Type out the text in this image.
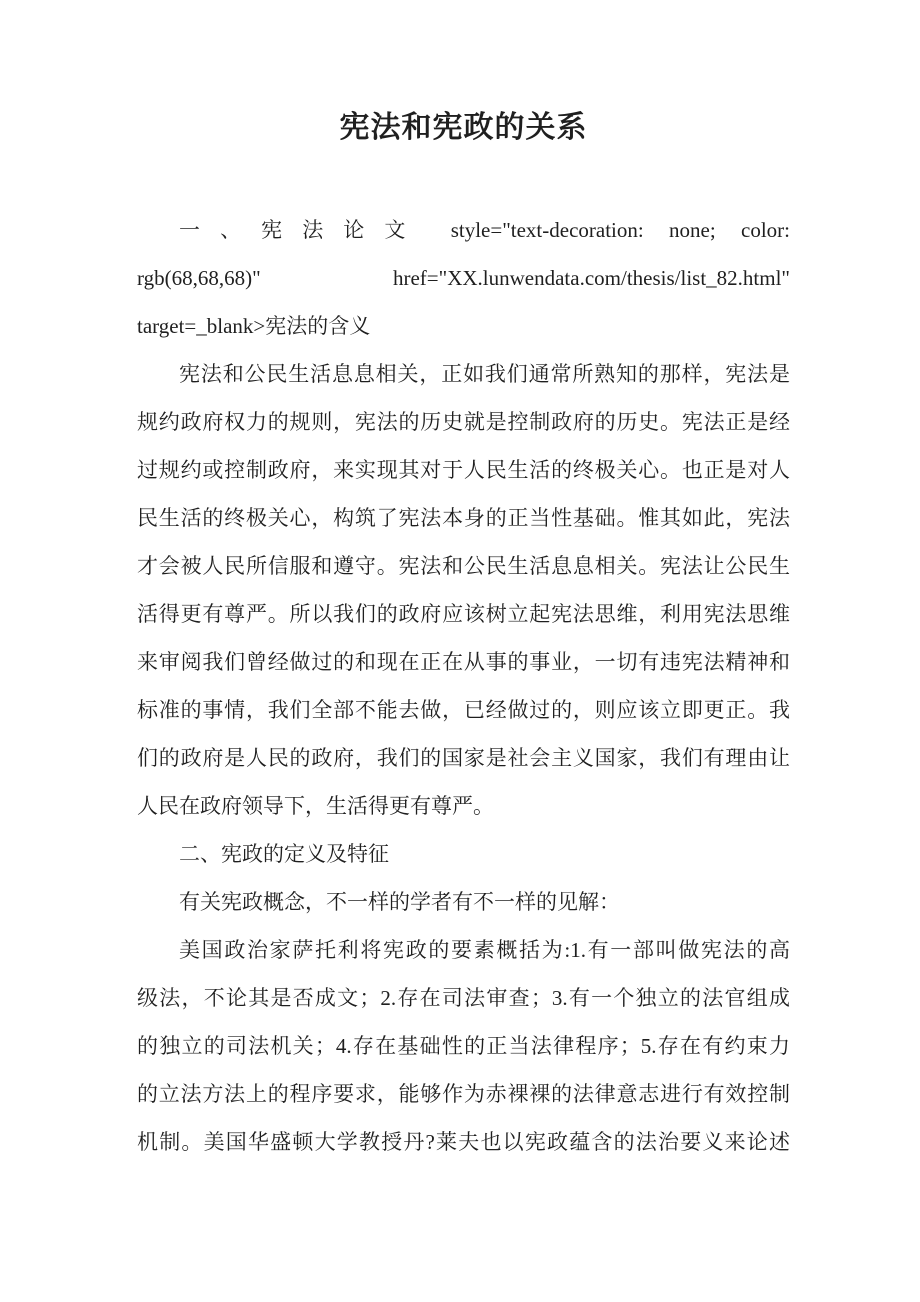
宪法和宪政的关系
一、宪法论文 style="text-decoration: none; color:
rgb(68,68,68)" href="XX.lunwendata.com/thesis/list_82.html"
target=_blank>宪法的含义
宪法和公民生活息息相关，正如我们通常所熟知的那样，宪法是
规约政府权力的规则，宪法的历史就是控制政府的历史。宪法正是经
过规约或控制政府，来实现其对于人民生活的终极关心。也正是对人
民生活的终极关心，构筑了宪法本身的正当性基础。惟其如此，宪法
才会被人民所信服和遵守。宪法和公民生活息息相关。宪法让公民生
活得更有尊严。所以我们的政府应该树立起宪法思维，利用宪法思维
来审阅我们曾经做过的和现在正在从事的事业，一切有违宪法精神和
标准的事情，我们全部不能去做，已经做过的，则应该立即更正。我
们的政府是人民的政府，我们的国家是社会主义国家，我们有理由让
人民在政府领导下，生活得更有尊严。
二、宪政的定义及特征
有关宪政概念，不一样的学者有不一样的见解：
美国政治家萨托利将宪政的要素概括为:1.有一部叫做宪法的高
级法，不论其是否成文；2.存在司法审查；3.有一个独立的法官组成
的独立的司法机关；4.存在基础性的正当法律程序；5.存在有约束力
的立法方法上的程序要求，能够作为赤裸裸的法律意志进行有效控制
机制。美国华盛顿大学教授丹?莱夫也以宪政蕴含的法治要义来论述
